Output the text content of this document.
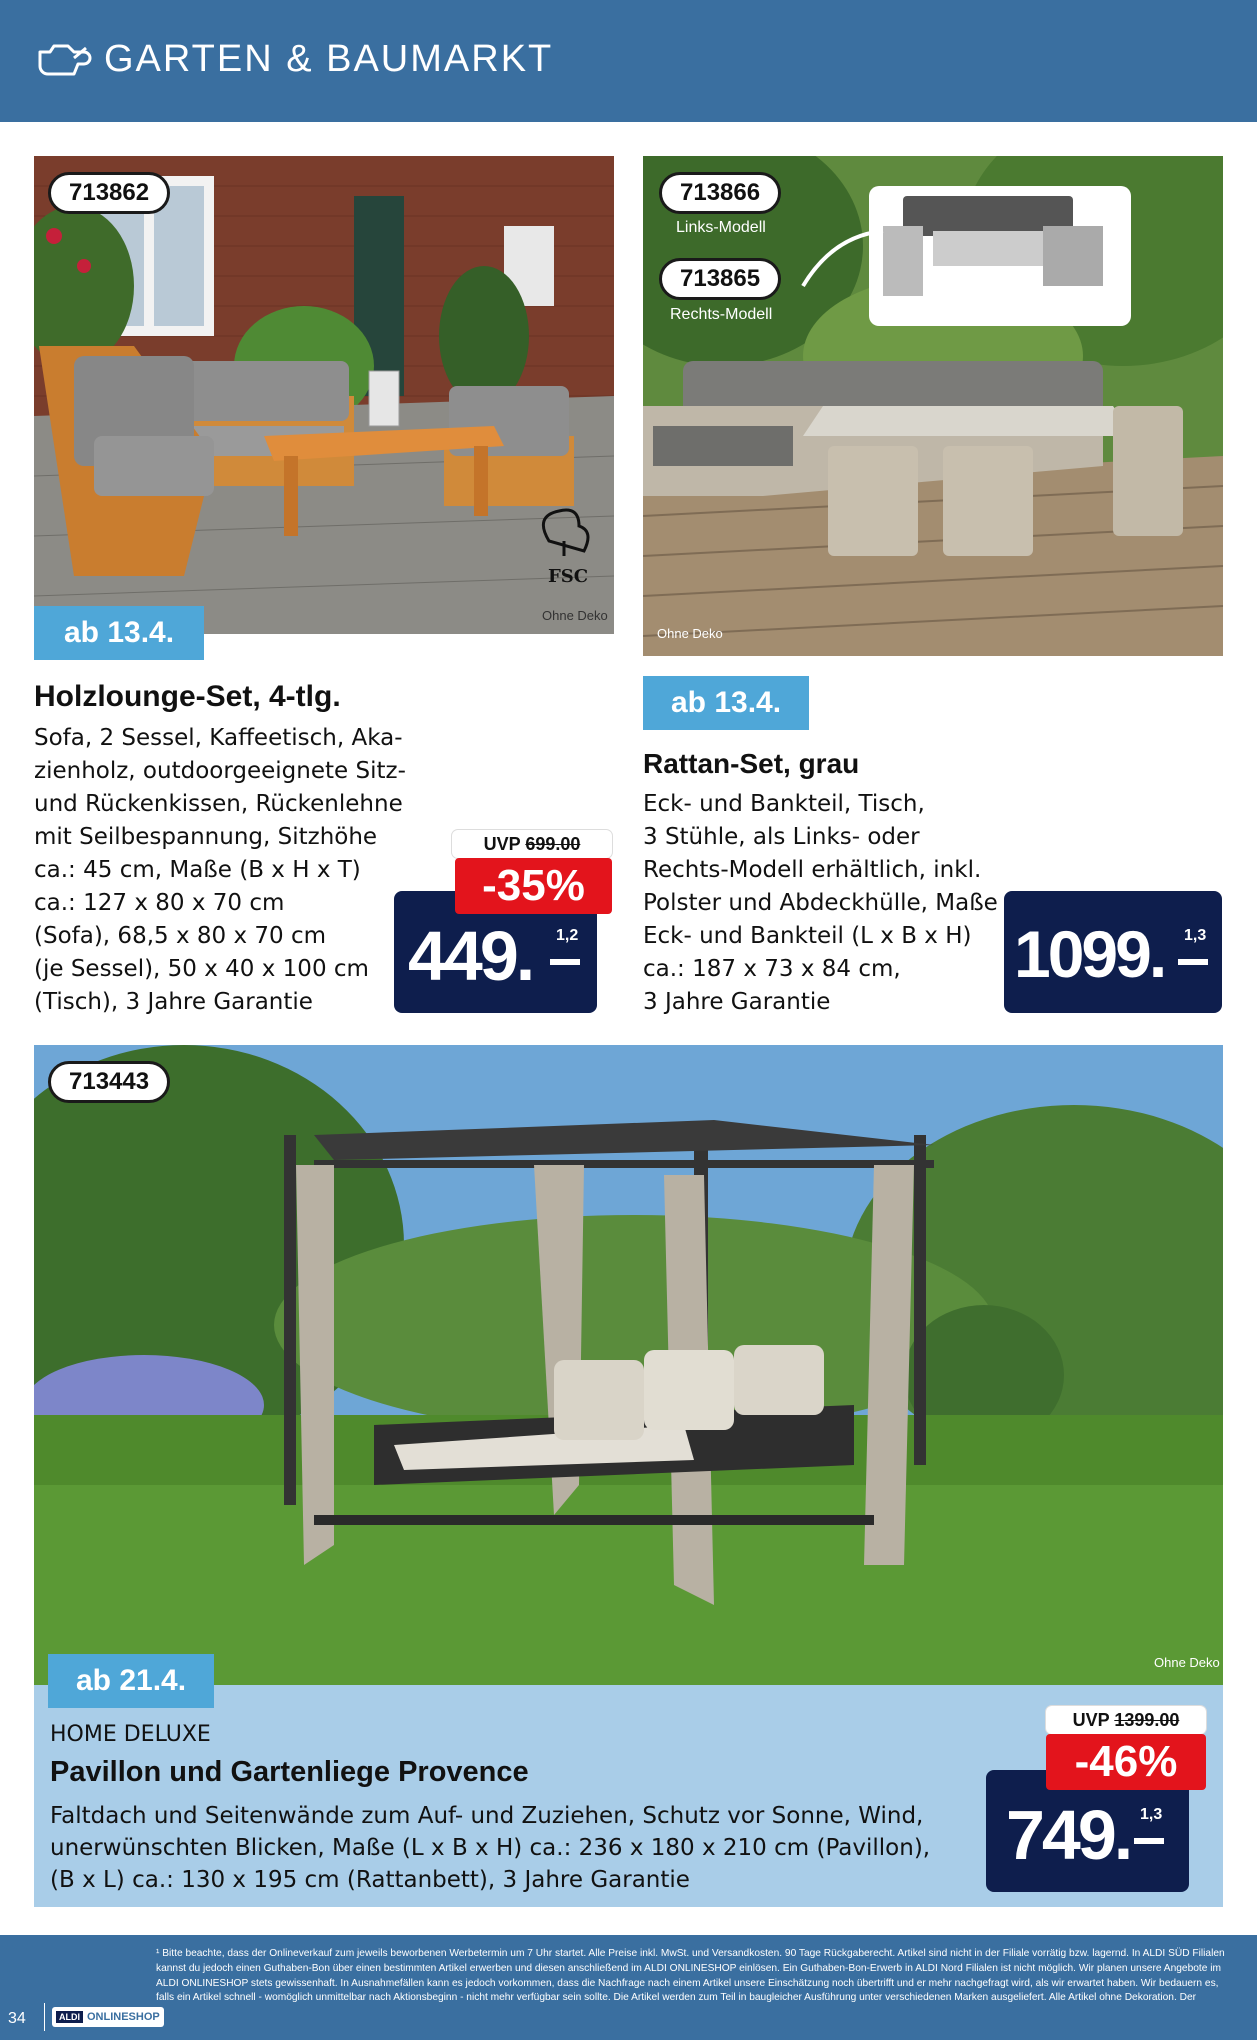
GARTEN & BAUMARKT
713862
FSC
Ohne Deko
ab 13.4.
Holzlounge-Set, 4-tlg.
Sofa, 2 Sessel, Kaffeetisch, Aka-
zienholz, outdoorgeeignete Sitz-
und Rückenkissen, Rückenlehne
mit Seilbespannung, Sitzhöhe
ca.: 45 cm, Maße (B x H x T)
ca.: 127 x 80 x 70 cm
(Sofa), 68,5 x 80 x 70 cm
(je Sessel), 50 x 40 x 100 cm
(Tisch), 3 Jahre Garantie
449. 1,2
UVP 699.00
-35%
713866
Links-Modell
713865
Rechts-Modell
Ohne Deko
ab 13.4.
Rattan-Set, grau
Eck- und Bankteil, Tisch,
3 Stühle, als Links- oder
Rechts-Modell erhältlich, inkl.
Polster und Abdeckhülle, Maße
Eck- und Bankteil (L x B x H)
ca.: 187 x 73 x 84 cm,
3 Jahre Garantie
1099. 1,3
713443
Ohne Deko
ab 21.4.
HOME DELUXE
Pavillon und Gartenliege Provence
Faltdach und Seitenwände zum Auf- und Zuziehen, Schutz vor Sonne, Wind,
unerwünschten Blicken, Maße (L x B x H) ca.: 236 x 180 x 210 cm (Pavillon),
(B x L) ca.: 130 x 195 cm (Rattanbett), 3 Jahre Garantie
749. 1,3
UVP 1399.00
-46%
34	ALDI ONLINESHOP
¹ Bitte beachte, dass der Onlineverkauf zum jeweils beworbenen Werbetermin um 7 Uhr startet. Alle Preise inkl. MwSt. und Versandkosten. 90 Tage Rückgaberecht. Artikel sind nicht in der Filiale vorrätig bzw. lagernd. In ALDI SÜD Filialen kannst du jedoch einen Guthaben-Bon über einen bestimmten Artikel erwerben und diesen anschließend im ALDI ONLINESHOP einlösen. Ein Guthaben-Bon-Erwerb in ALDI Nord Filialen ist nicht möglich. Wir planen unsere Angebote im ALDI ONLINESHOP stets gewissenhaft. In Ausnahmefällen kann es jedoch vorkommen, dass die Nachfrage nach einem Artikel unsere Einschätzung noch übertrifft und er mehr nachgefragt wird, als wir erwartet haben. Wir bedauern es, falls ein Artikel schnell - womöglich unmittelbar nach Aktionsbeginn - nicht mehr verfügbar sein sollte. Die Artikel werden zum Teil in baugleicher Ausführung unter verschiedenen Marken ausgeliefert. Alle Artikel ohne Dekoration. Der
